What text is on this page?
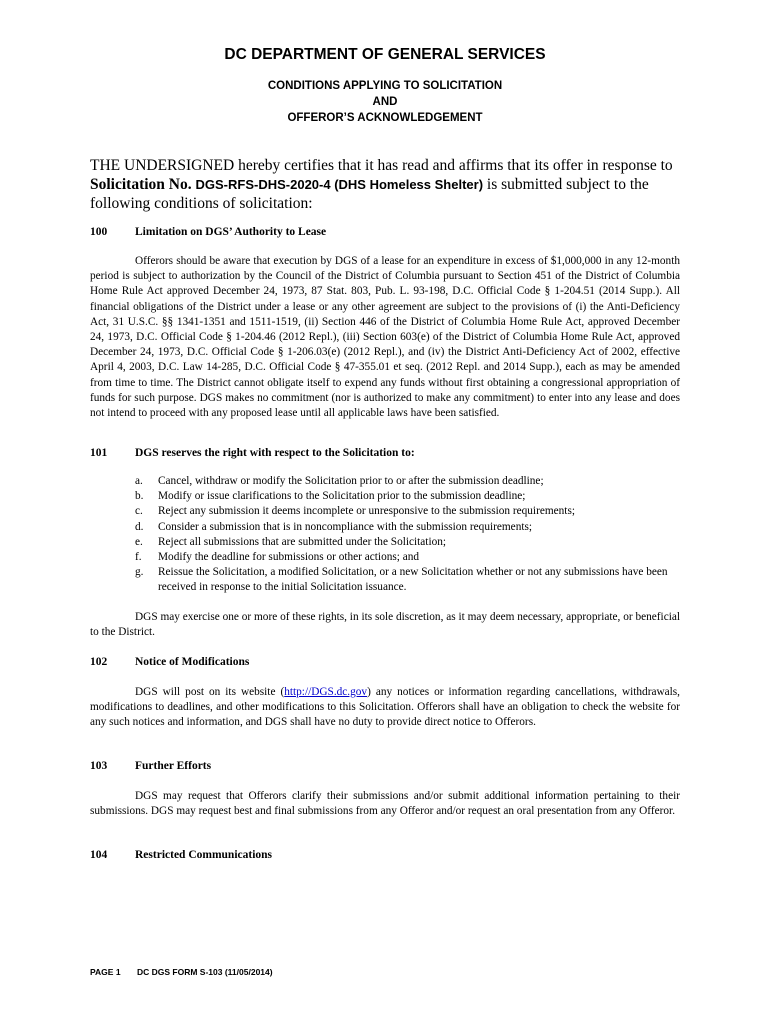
DC DEPARTMENT OF GENERAL SERVICES
CONDITIONS APPLYING TO SOLICITATION
AND
OFFEROR’S ACKNOWLEDGEMENT
THE UNDERSIGNED hereby certifies that it has read and affirms that its offer in response to Solicitation No. DGS-RFS-DHS-2020-4 (DHS Homeless Shelter) is submitted subject to the following conditions of solicitation:
100 Limitation on DGS’ Authority to Lease

Offerors should be aware that execution by DGS of a lease for an expenditure in excess of $1,000,000 in any 12-month period is subject to authorization by the Council of the District of Columbia pursuant to Section 451 of the District of Columbia Home Rule Act approved December 24, 1973, 87 Stat. 803, Pub. L. 93-198, D.C. Official Code § 1-204.51 (2014 Supp.). All financial obligations of the District under a lease or any other agreement are subject to the provisions of (i) the Anti-Deficiency Act, 31 U.S.C. §§ 1341-1351 and 1511-1519, (ii) Section 446 of the District of Columbia Home Rule Act, approved December 24, 1973, D.C. Official Code § 1-204.46 (2012 Repl.), (iii) Section 603(e) of the District of Columbia Home Rule Act, approved December 24, 1973, D.C. Official Code § 1-206.03(e) (2012 Repl.), and (iv) the District Anti-Deficiency Act of 2002, effective April 4, 2003, D.C. Law 14-285, D.C. Official Code § 47-355.01 et seq. (2012 Repl. and 2014 Supp.), each as may be amended from time to time. The District cannot obligate itself to expend any funds without first obtaining a congressional appropriation of funds for such purpose. DGS makes no commitment (nor is authorized to make any commitment) to enter into any lease and does not intend to proceed with any proposed lease until all applicable laws have been satisfied.

101 DGS reserves the right with respect to the Solicitation to:
a.	Cancel, withdraw or modify the Solicitation prior to or after the submission deadline;
b.	Modify or issue clarifications to the Solicitation prior to the submission deadline;
c.	Reject any submission it deems incomplete or unresponsive to the submission requirements;
d.	Consider a submission that is in noncompliance with the submission requirements;
e.	Reject all submissions that are submitted under the Solicitation;
f.	Modify the deadline for submissions or other actions; and
g.	Reissue the Solicitation, a modified Solicitation, or a new Solicitation whether or not any submissions have been received in response to the initial Solicitation issuance.

DGS may exercise one or more of these rights, in its sole discretion, as it may deem necessary, appropriate, or beneficial to the District.

102 Notice of Modifications

DGS will post on its website (http://DGS.dc.gov) any notices or information regarding cancellations, withdrawals, modifications to deadlines, and other modifications to this Solicitation. Offerors shall have an obligation to check the website for any such notices and information, and DGS shall have no duty to provide direct notice to Offerors.

103 Further Efforts

DGS may request that Offerors clarify their submissions and/or submit additional information pertaining to their submissions. DGS may request best and final submissions from any Offeror and/or request an oral presentation from any Offeror.

104 Restricted Communications
PAGE 1 DC DGS FORM S-103 (11/05/2014)
